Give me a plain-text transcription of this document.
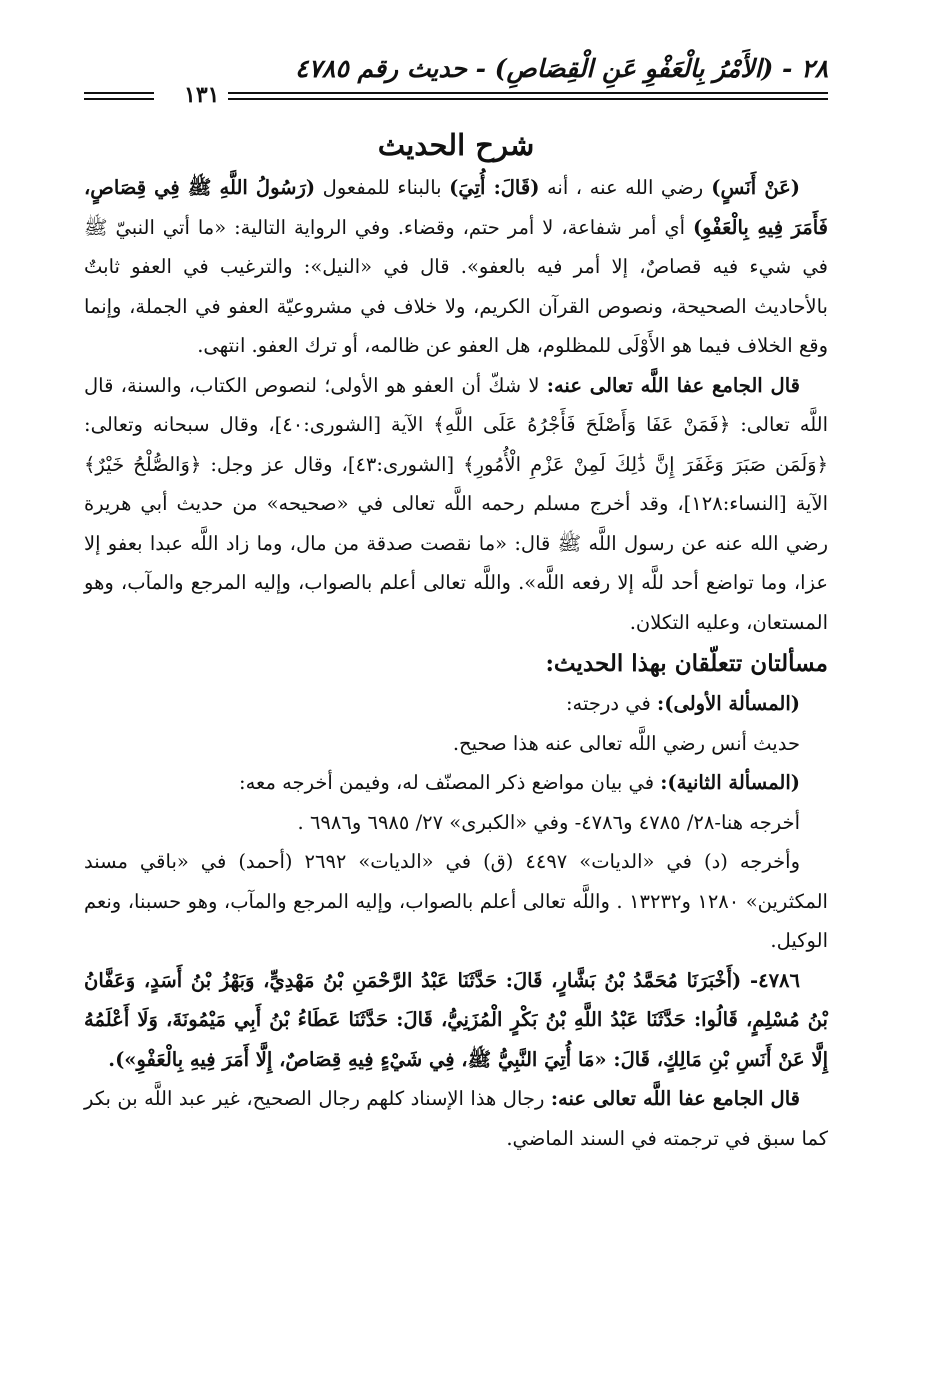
٢٨ - (الأَمْرُ بِالْعَفْوِ عَنِ الْقِصَاصِ) - حديث رقم ٤٧٨٥
١٣١
شرح الحديث

(عَنْ أَنَسٍ) رضي الله عنه ، أنه (قَالَ: أُتِيَ) بالبناء للمفعول (رَسُولُ اللَّهِ ﷺ فِي قِصَاصٍ، فَأَمَرَ فِيهِ بِالْعَفْوِ) أي أمر شفاعة، لا أمر حتم، وقضاء. وفي الرواية التالية: «ما أتي النبيّ ﷺ في شيء فيه قصاصٌ، إلا أمر فيه بالعفو». قال في «النيل»: والترغيب في العفو ثابتٌ بالأحاديث الصحيحة، ونصوص القرآن الكريم، ولا خلاف في مشروعيّة العفو في الجملة، وإنما وقع الخلاف فيما هو الأَوْلَى للمظلوم، هل العفو عن ظالمه، أو ترك العفو. انتهى.

قال الجامع عفا اللَّه تعالى عنه: لا شكّ أن العفو هو الأولى؛ لنصوص الكتاب، والسنة، قال اللَّه تعالى: ﴿فَمَنْ عَفَا وَأَصْلَحَ فَأَجْرُهُ عَلَى اللَّهِ﴾ الآية [الشورى:٤٠]، وقال سبحانه وتعالى: ﴿وَلَمَن صَبَرَ وَغَفَرَ إِنَّ ذَٰلِكَ لَمِنْ عَزْمِ الْأُمُورِ﴾ [الشورى:٤٣]، وقال عز وجل: ﴿وَالصُّلْحُ خَيْرٌ﴾ الآية [النساء:١٢٨]، وقد أخرج مسلم رحمه اللَّه تعالى في «صحيحه» من حديث أبي هريرة رضي الله عنه عن رسول اللَّه ﷺ قال: «ما نقصت صدقة من مال، وما زاد اللَّه عبدا بعفو إلا عزا، وما تواضع أحد للَّه إلا رفعه اللَّه». واللَّه تعالى أعلم بالصواب، وإليه المرجع والمآب، وهو المستعان، وعليه التكلان.

مسألتان تتعلّقان بهذا الحديث:

(المسألة الأولى): في درجته:

حديث أنس رضي اللَّه تعالى عنه هذا صحيح.

(المسألة الثانية): في بيان مواضع ذكر المصنّف له، وفيمن أخرجه معه:

أخرجه هنا-٢٨/ ٤٧٨٥ و٤٧٨٦- وفي «الكبرى» ٢٧/ ٦٩٨٥ و٦٩٨٦ .

وأخرجه (د) في «الديات» ٤٤٩٧ (ق) في «الديات» ٢٦٩٢ (أحمد) في «باقي مسند المكثرين» ١٢٨٠ و١٣٢٣٢ . واللَّه تعالى أعلم بالصواب، وإليه المرجع والمآب، وهو حسبنا، ونعم الوكيل.

٤٧٨٦- (أَخْبَرَنَا مُحَمَّدُ بْنُ بَشَّارٍ، قَالَ: حَدَّثَنَا عَبْدُ الرَّحْمَنِ بْنُ مَهْدِيٍّ، وَبَهْزُ بْنُ أَسَدٍ، وَعَفَّانُ بْنُ مُسْلِمٍ، قَالُوا: حَدَّثَنَا عَبْدُ اللَّهِ بْنُ بَكْرٍ الْمُزَنِيُّ، قَالَ: حَدَّثَنَا عَطَاءُ بْنُ أَبِي مَيْمُونَةَ، وَلَا أَعْلَمُهُ إِلَّا عَنْ أَنَسِ بْنِ مَالِكٍ، قَالَ: «مَا أُتِيَ النَّبِيُّ ﷺ، فِي شَيْءٍ فِيهِ قِصَاصٌ، إِلَّا أَمَرَ فِيهِ بِالْعَفْوِ»).

قال الجامع عفا اللَّه تعالى عنه: رجال هذا الإسناد كلهم رجال الصحيح، غير عبد اللَّه بن بكر كما سبق في ترجمته في السند الماضي.
